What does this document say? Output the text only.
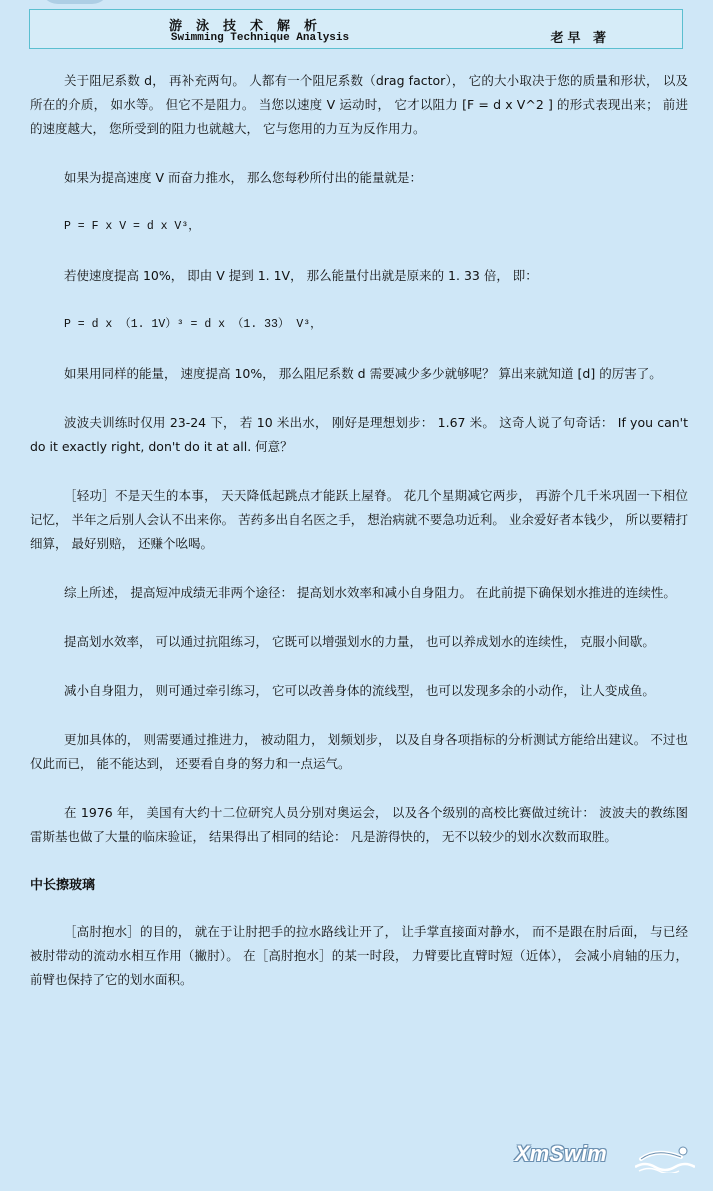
游泳技术解析
Swimming Technique Analysis	老早 著

关于阻尼系数 d， 再补充两句。 人都有一个阻尼系数（drag factor）， 它的大小取决于您的质量和形状， 以及所在的介质， 如水等。 但它不是阻力。 当您以速度 V 运动时， 它才以阻力 [F = d x V^2 ] 的形式表现出来； 前进的速度越大， 您所受到的阻力也就越大， 它与您用的力互为反作用力。

如果为提高速度 V 而奋力推水， 那么您每秒所付出的能量就是：

P = F x V = d x V³，

若使速度提高 10%， 即由 V 提到 1. 1V， 那么能量付出就是原来的 1. 33 倍， 即：

P = d x （1. 1V）³ = d x （1. 33） V³，

如果用同样的能量， 速度提高 10%， 那么阻尼系数 d 需要减少多少就够呢？ 算出来就知道 [d] 的厉害了。

波波夫训练时仅用 23-24 下， 若 10 米出水， 刚好是理想划步： 1.67 米。 这奇人说了句奇话： If you can't do it exactly right, don't do it at all. 何意？

［轻功］不是天生的本事， 天天降低起跳点才能跃上屋脊。 花几个星期减它两步， 再游个几千米巩固一下相位记忆， 半年之后别人会认不出来你。 苦药多出自名医之手， 想治病就不要急功近利。 业余爱好者本钱少， 所以要精打细算， 最好别赔， 还赚个吆喝。

综上所述， 提高短冲成绩无非两个途径： 提高划水效率和减小自身阻力。 在此前提下确保划水推进的连续性。

提高划水效率， 可以通过抗阻练习， 它既可以增强划水的力量， 也可以养成划水的连续性， 克服小间歇。

减小自身阻力， 则可通过牵引练习， 它可以改善身体的流线型， 也可以发现多余的小动作， 让人变成鱼。

更加具体的， 则需要通过推进力， 被动阻力， 划频划步， 以及自身各项指标的分析测试方能给出建议。 不过也仅此而已， 能不能达到， 还要看自身的努力和一点运气。

在 1976 年， 美国有大约十二位研究人员分别对奥运会， 以及各个级别的高校比赛做过统计： 波波夫的教练图雷斯基也做了大量的临床验证， 结果得出了相同的结论： 凡是游得快的， 无不以较少的划水次数而取胜。

中长擦玻璃

［高肘抱水］的目的， 就在于让肘把手的拉水路线让开了， 让手掌直接面对静水， 而不是跟在肘后面， 与已经被肘带动的流动水相互作用（撇肘）。 在［高肘抱水］的某一时段， 力臂要比直臂时短（近体）， 会减小肩轴的压力， 前臂也保持了它的划水面积。

XmSwim
